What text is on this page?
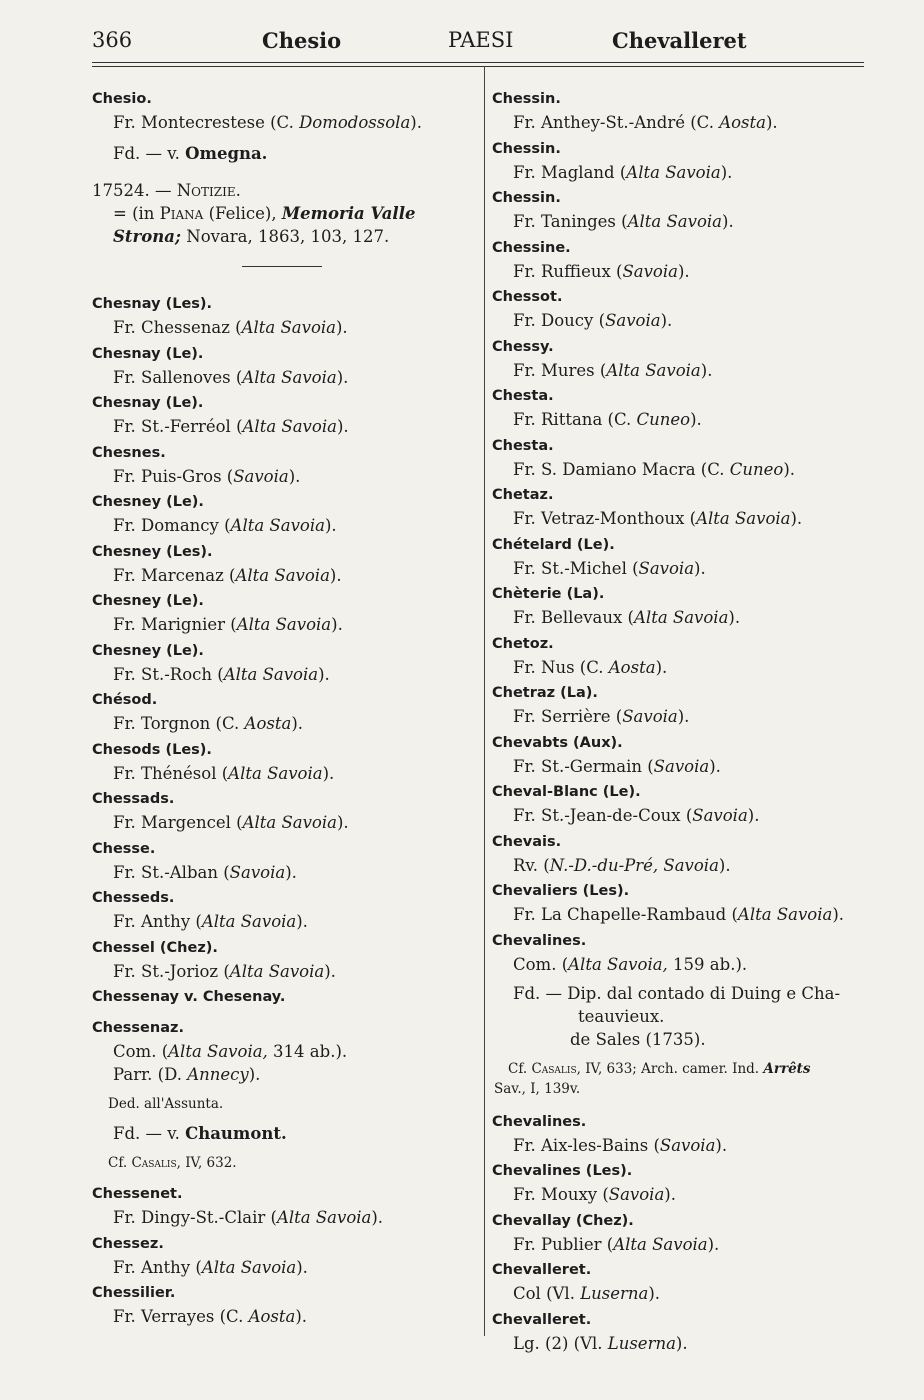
366	Chesio	PAESI	Chevalleret
Chesio.
Fr. Montecrestese (C. Domodossola).
Fd. — v. Omegna.
17524. — Notizie.
= (in Piana (Felice), Memoria Valle
Strona; Novara, 1863, 103, 127.
Chesnay (Les).
Fr. Chessenaz (Alta Savoia).
Chesnay (Le).
Fr. Sallenoves (Alta Savoia).
Chesnay (Le).
Fr. St.-Ferréol (Alta Savoia).
Chesnes.
Fr. Puis-Gros (Savoia).
Chesney (Le).
Fr. Domancy (Alta Savoia).
Chesney (Les).
Fr. Marcenaz (Alta Savoia).
Chesney (Le).
Fr. Marignier (Alta Savoia).
Chesney (Le).
Fr. St.-Roch (Alta Savoia).
Chésod.
Fr. Torgnon (C. Aosta).
Chesods (Les).
Fr. Thénésol (Alta Savoia).
Chessads.
Fr. Margencel (Alta Savoia).
Chesse.
Fr. St.-Alban (Savoia).
Chesseds.
Fr. Anthy (Alta Savoia).
Chessel (Chez).
Fr. St.-Jorioz (Alta Savoia).
Chessenay v. Chesenay.
Chessenaz.
Com. (Alta Savoia, 314 ab.).
Parr. (D. Annecy).
Ded. all'Assunta.
Fd. — v. Chaumont.
Cf. Casalis, IV, 632.
Chessenet.
Fr. Dingy-St.-Clair (Alta Savoia).
Chessez.
Fr. Anthy (Alta Savoia).
Chessilier.
Fr. Verrayes (C. Aosta).
Chessin.
Fr. Anthey-St.-André (C. Aosta).
Chessin.
Fr. Magland (Alta Savoia).
Chessin.
Fr. Taninges (Alta Savoia).
Chessine.
Fr. Ruffieux (Savoia).
Chessot.
Fr. Doucy (Savoia).
Chessy.
Fr. Mures (Alta Savoia).
Chesta.
Fr. Rittana (C. Cuneo).
Chesta.
Fr. S. Damiano Macra (C. Cuneo).
Chetaz.
Fr. Vetraz-Monthoux (Alta Savoia).
Chételard (Le).
Fr. St.-Michel (Savoia).
Chèterie (La).
Fr. Bellevaux (Alta Savoia).
Chetoz.
Fr. Nus (C. Aosta).
Chetraz (La).
Fr. Serrière (Savoia).
Chevabts (Aux).
Fr. St.-Germain (Savoia).
Cheval-Blanc (Le).
Fr. St.-Jean-de-Coux (Savoia).
Chevais.
Rv. (N.-D.-du-Pré, Savoia).
Chevaliers (Les).
Fr. La Chapelle-Rambaud (Alta Savoia).
Chevalines.
Com. (Alta Savoia, 159 ab.).
Fd. — Dip. dal contado di Duing e Cha-
teauvieux.
de Sales (1735).
Cf. Casalis, IV, 633; Arch. camer. Ind. Arrêts
Sav., I, 139v.
Chevalines.
Fr. Aix-les-Bains (Savoia).
Chevalines (Les).
Fr. Mouxy (Savoia).
Chevallay (Chez).
Fr. Publier (Alta Savoia).
Chevalleret.
Col (Vl. Luserna).
Chevalleret.
Lg. (2) (Vl. Luserna).
